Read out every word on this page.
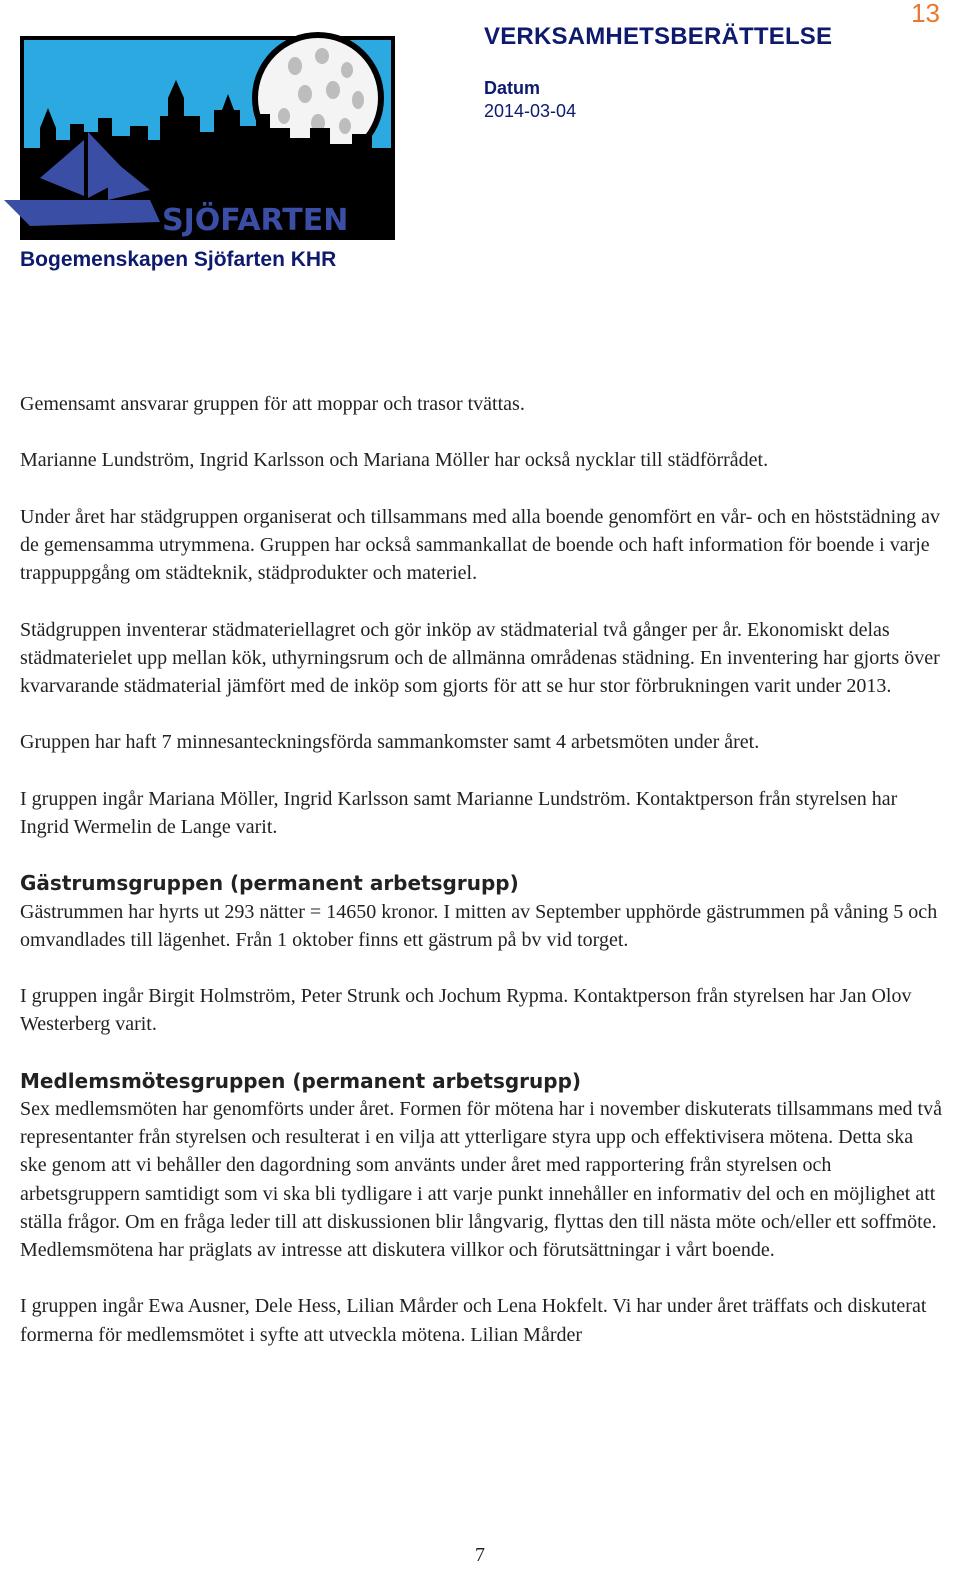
13
SJÖFARTEN
Bogemenskapen Sjöfarten KHR
VERKSAMHETSBERÄTTELSE
Datum
2014-03-04

Gemensamt ansvarar gruppen för att moppar och trasor tvättas.

Marianne Lundström, Ingrid Karlsson och Mariana Möller har också nycklar till städförrådet.

Under året har städgruppen organiserat och tillsammans med alla boende genomfört en vår- och en höststädning av de gemensamma utrymmena. Gruppen har också sammankallat de boende och haft information för boende i varje trappuppgång om städteknik, städprodukter och materiel.

Städgruppen inventerar städmateriellagret och gör inköp av städmaterial två gånger per år. Ekonomiskt delas städmaterielet upp mellan kök, uthyrningsrum och de allmänna områdenas städning. En inventering har gjorts över kvarvarande städmaterial jämfört med de inköp som gjorts för att se hur stor förbrukningen varit under 2013.

Gruppen har haft 7 minnesanteckningsförda sammankomster samt 4 arbetsmöten under året.

I gruppen ingår Mariana Möller, Ingrid Karlsson samt Marianne Lundström. Kontaktperson från styrelsen har Ingrid Wermelin de Lange varit.

Gästrumsgruppen (permanent arbetsgrupp)

Gästrummen har hyrts ut 293 nätter = 14650 kronor. I mitten av September upphörde gästrummen på våning 5 och omvandlades till lägenhet. Från 1 oktober finns ett gästrum på bv vid torget.

I gruppen ingår Birgit Holmström, Peter Strunk och Jochum Rypma. Kontaktperson från styrelsen har Jan Olov Westerberg varit.

Medlemsmötesgruppen (permanent arbetsgrupp)

Sex medlemsmöten har genomförts under året. Formen för mötena har i november diskuterats tillsammans med två representanter från styrelsen och resulterat i en vilja att ytterligare styra upp och effektivisera mötena. Detta ska ske genom att vi behåller den dagordning som använts under året med rapportering från styrelsen och arbetsgruppern samtidigt som vi ska bli tydligare i att varje punkt innehåller en informativ del och en möjlighet att ställa frågor. Om en fråga leder till att diskussionen blir långvarig, flyttas den till nästa möte och/eller ett soffmöte. Medlemsmötena har präglats av intresse att diskutera villkor och förutsättningar i vårt boende.

I gruppen ingår Ewa Ausner, Dele Hess, Lilian Mårder och Lena Hokfelt. Vi har under året träffats och diskuterat formerna för medlemsmötet i syfte att utveckla mötena. Lilian Mårder

7
